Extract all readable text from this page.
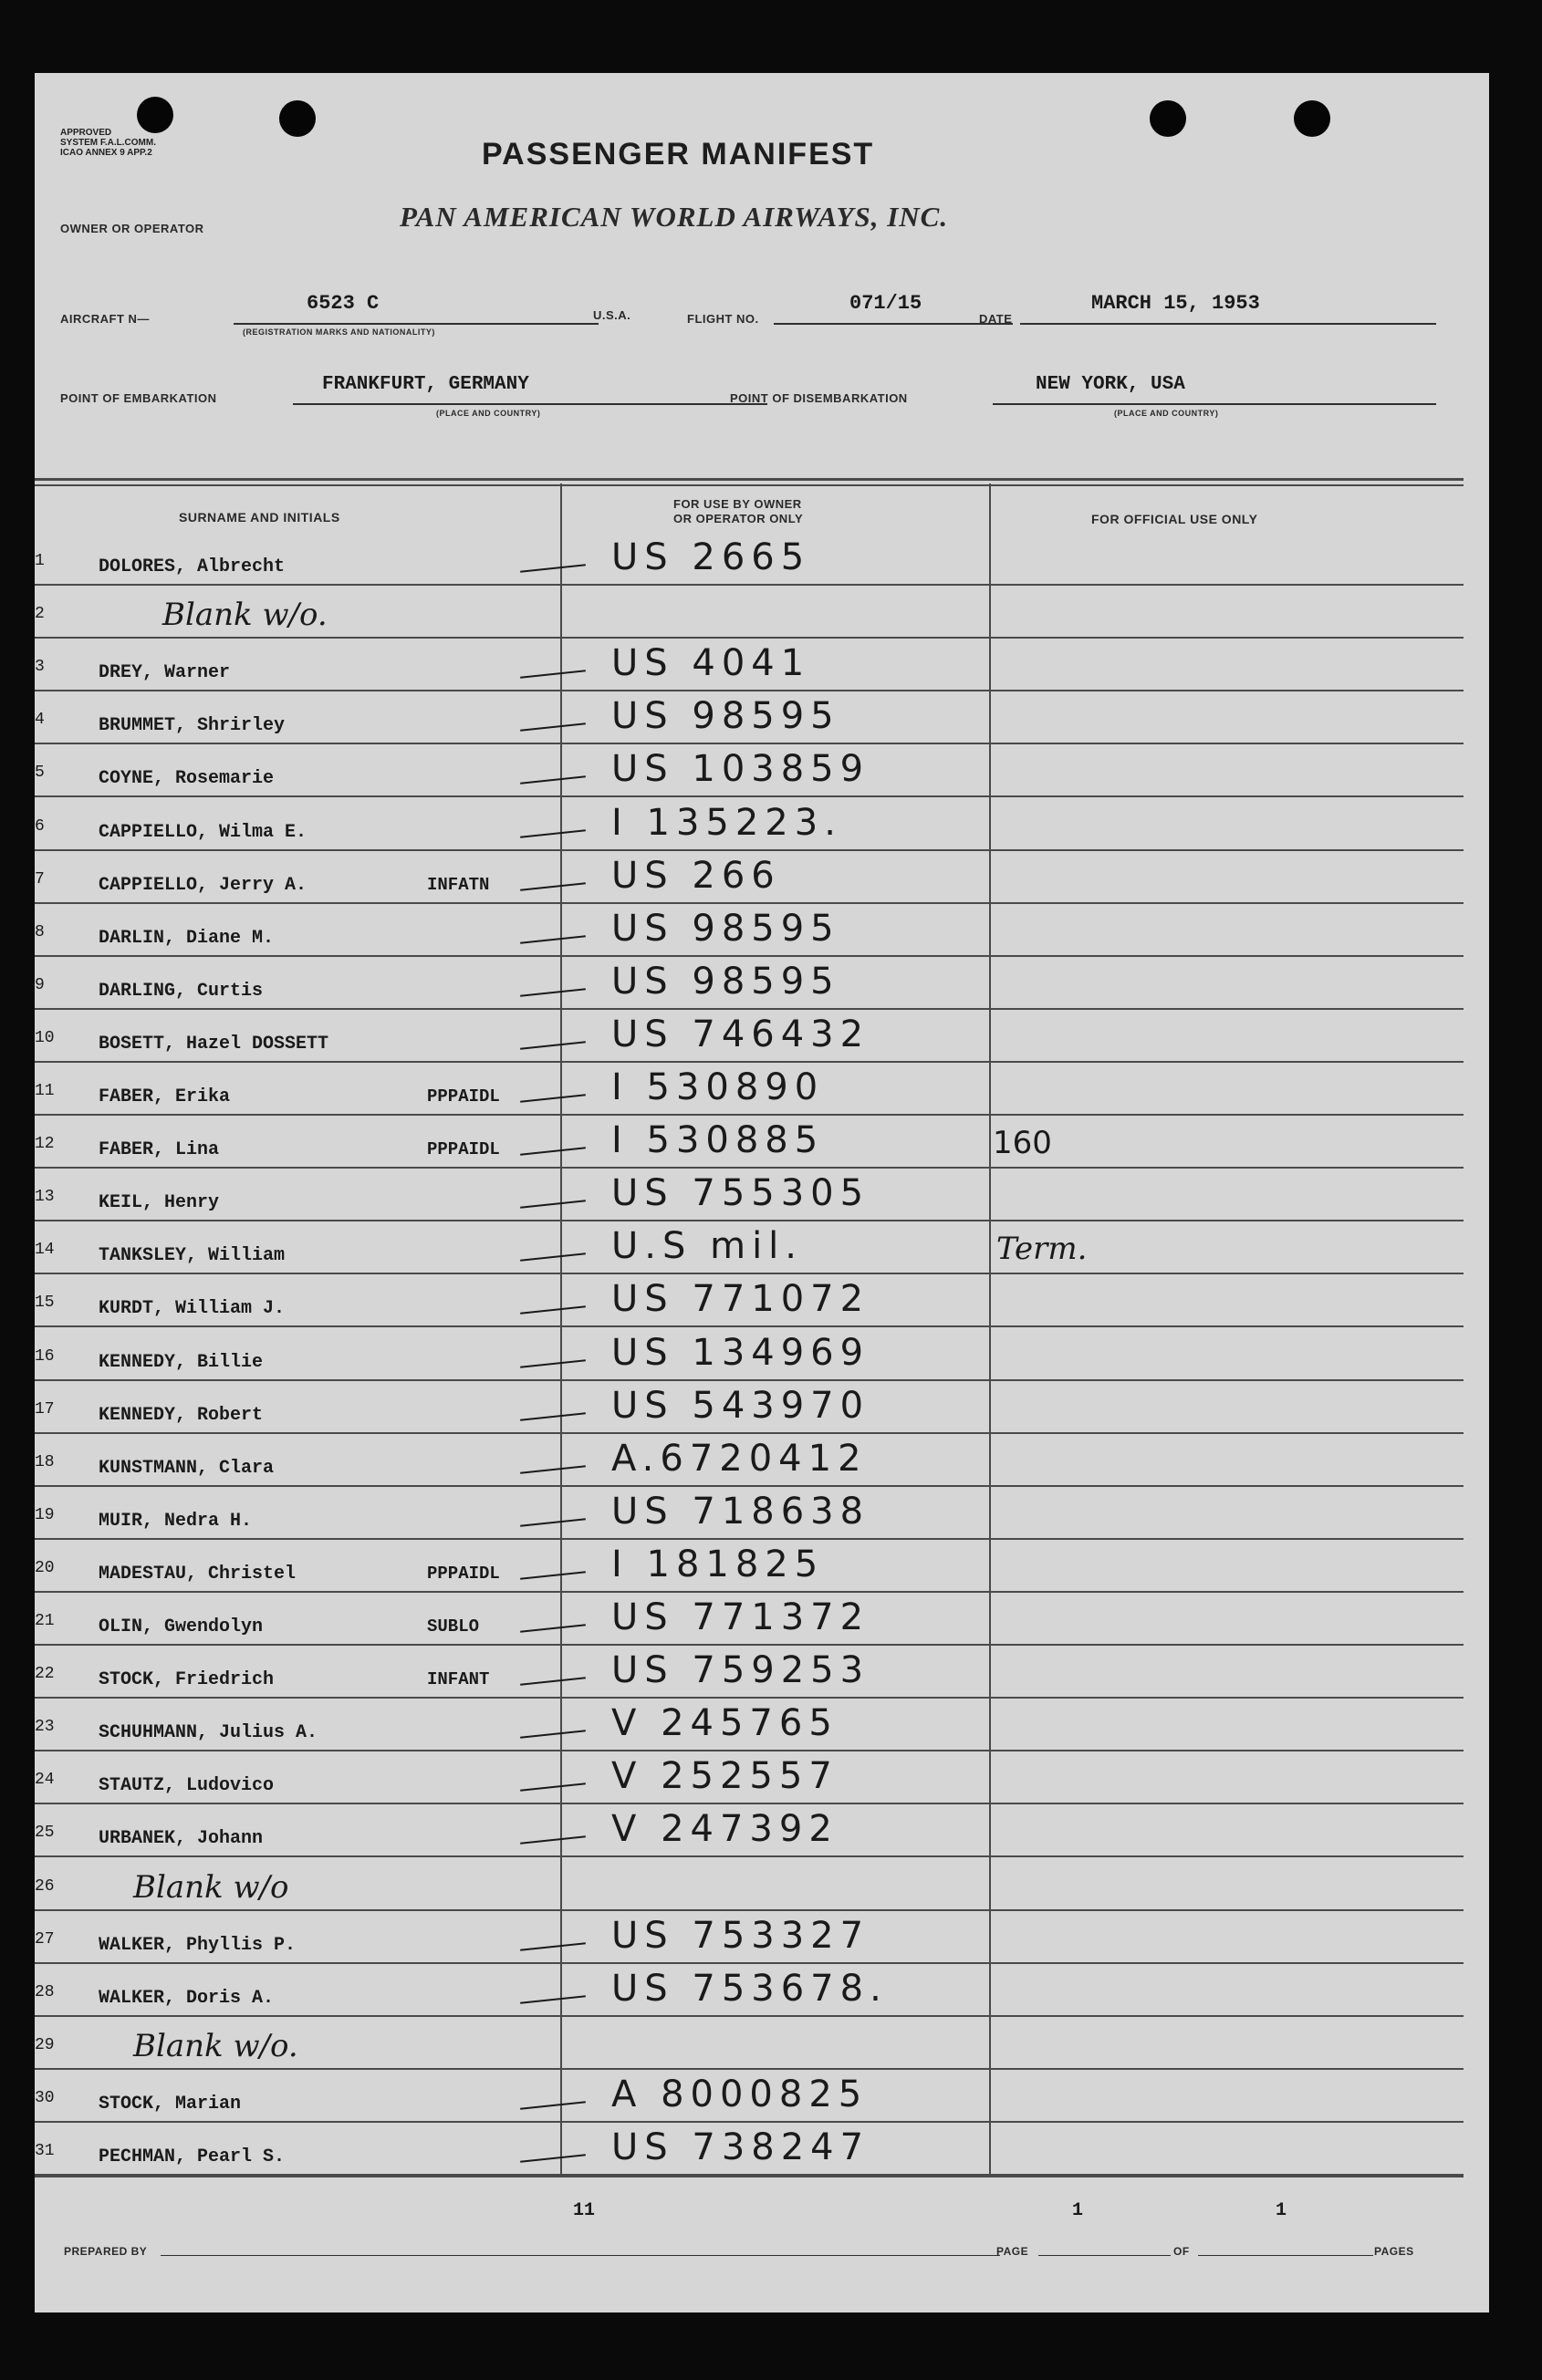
APPROVED
SYSTEM F.A.L.COMM.
ICAO ANNEX 9 APP.2	PASSENGER MANIFEST
OWNER OR OPERATOR	PAN AMERICAN WORLD AIRWAYS, INC.
AIRCRAFT N—
6523 C
(REGISTRATION MARKS AND NATIONALITY)
U.S.A.	FLIGHT NO.
071/15
DATE
MARCH 15, 1953
POINT OF EMBARKATION
FRANKFURT, GERMANY
(PLACE AND COUNTRY)
POINT OF DISEMBARKATION
NEW YORK, USA
(PLACE AND COUNTRY)
SURNAME AND INITIALS
FOR USE BY OWNER
OR OPERATOR ONLY	FOR OFFICIAL USE ONLY
1	DOLORES, Albrecht	US 2665
2	Blank w/o.
3	DREY, Warner	US 4041
4	BRUMMET, Shrirley	US 98595
5	COYNE, Rosemarie	US 103859
6	CAPPIELLO, Wilma E.	I 135223.
7	CAPPIELLO, Jerry A.	INFATN	US 266
8	DARLIN, Diane M.	US 98595
9	DARLING, Curtis	US 98595
10 BOSETT, Hazel DOSSETT	US 746432
11 FABER, Erika	PPPAIDL	I 530890
12 FABER, Lina	PPPAIDL	I 530885	160
13 KEIL, Henry	US 755305
14 TANKSLEY, William	U.S mil.	Term.
15 KURDT, William J.	US 771072
16 KENNEDY, Billie	US 134969
17 KENNEDY, Robert	US 543970
18 KUNSTMANN, Clara	A.6720412
19 MUIR, Nedra H.	US 718638
20 MADESTAU, Christel	PPPAIDL	I 181825
21 OLIN, Gwendolyn	SUBLO	US 771372
22 STOCK, Friedrich	INFANT	US 759253
23 SCHUHMANN, Julius A.	V 245765
24 STAUTZ, Ludovico	V 252557
25 URBANEK, Johann	V 247392
26	Blank w/o
27 WALKER, Phyllis P.	US 753327
28 WALKER, Doris A.	US 753678.
29	Blank w/o.
30 STOCK, Marian	A 8000825
31 PECHMAN, Pearl S.	US 738247
11	1	1
PREPARED BY	PAGE	OF	PAGES
